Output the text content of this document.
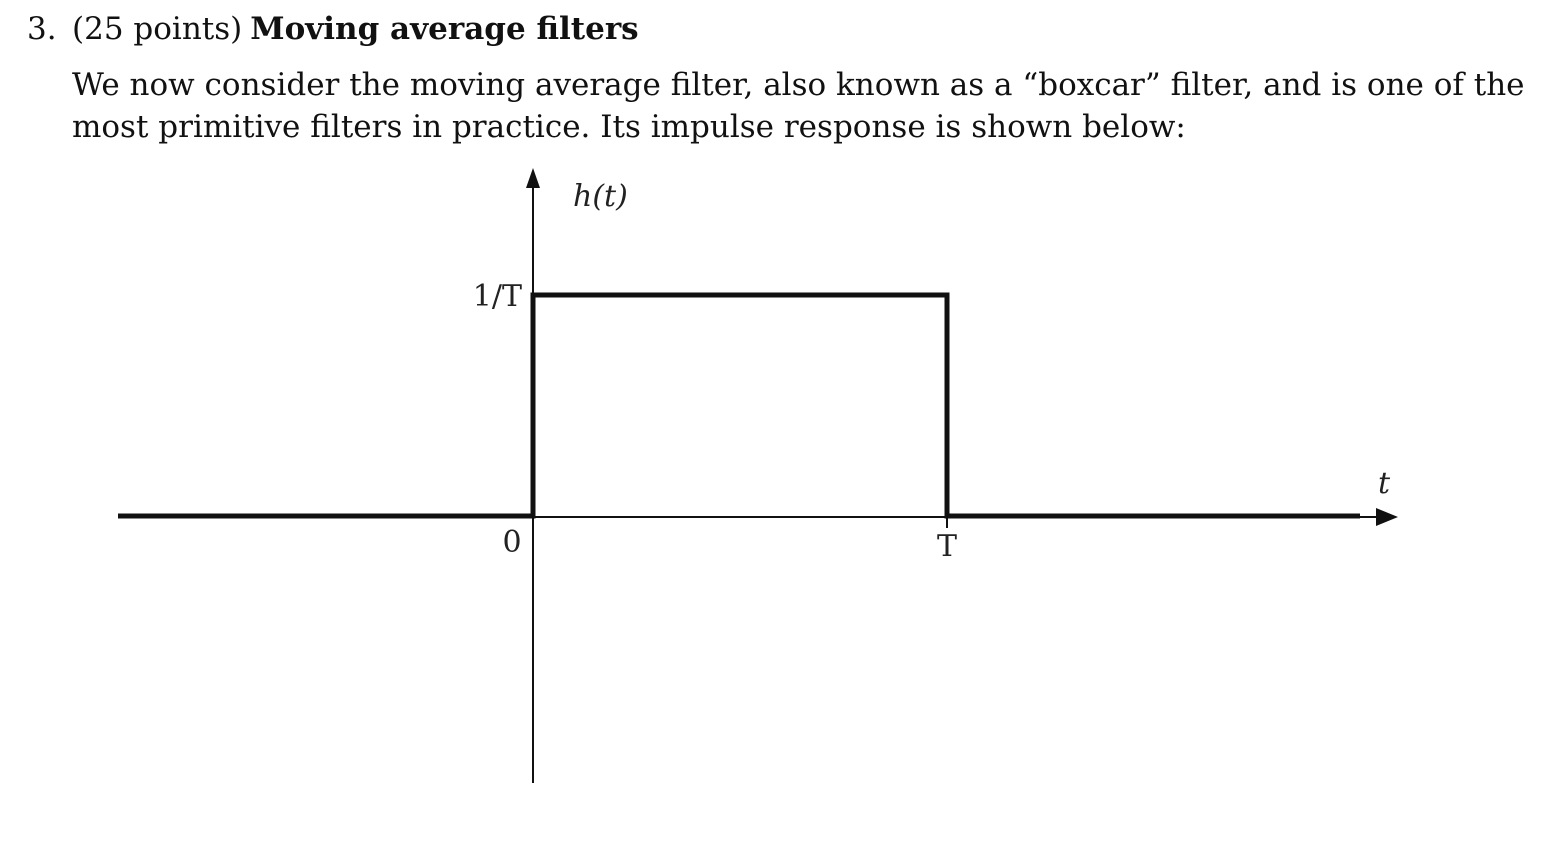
3. (25 points) Moving average filters
We now consider the moving average filter, also known as a “boxcar” filter, and is one of the
most primitive filters in practice. Its impulse response is shown below:
h(t)
t
1/T
0	T
